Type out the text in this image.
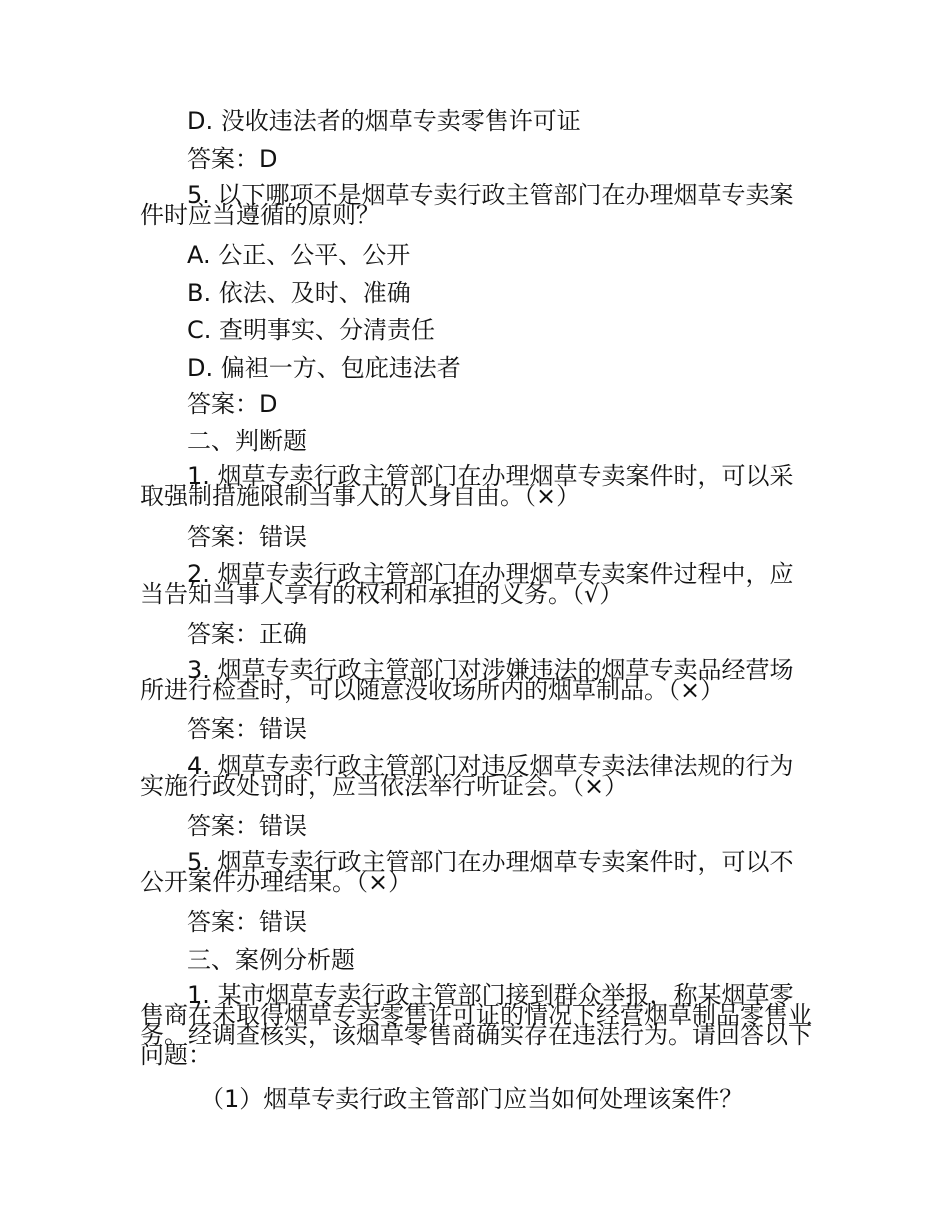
D. 没收违法者的烟草专卖零售许可证
答案：D
5. 以下哪项不是烟草专卖行政主管部门在办理烟草专卖案件时应当遵循的原则？
A. 公正、公平、公开
B. 依法、及时、准确
C. 查明事实、分清责任
D. 偏袒一方、包庇违法者
答案：D
二、判断题
1. 烟草专卖行政主管部门在办理烟草专卖案件时，可以采取强制措施限制当事人的人身自由。（×）
答案：错误
2. 烟草专卖行政主管部门在办理烟草专卖案件过程中，应当告知当事人享有的权利和承担的义务。（√）
答案：正确
3. 烟草专卖行政主管部门对涉嫌违法的烟草专卖品经营场所进行检查时，可以随意没收场所内的烟草制品。（×）
答案：错误
4. 烟草专卖行政主管部门对违反烟草专卖法律法规的行为实施行政处罚时，应当依法举行听证会。（×）
答案：错误
5. 烟草专卖行政主管部门在办理烟草专卖案件时，可以不公开案件办理结果。（×）
答案：错误
三、案例分析题
1. 某市烟草专卖行政主管部门接到群众举报，称某烟草零售商在未取得烟草专卖零售许可证的情况下经营烟草制品零售业务。经调查核实，该烟草零售商确实存在违法行为。请回答以下问题：
（1）烟草专卖行政主管部门应当如何处理该案件？
